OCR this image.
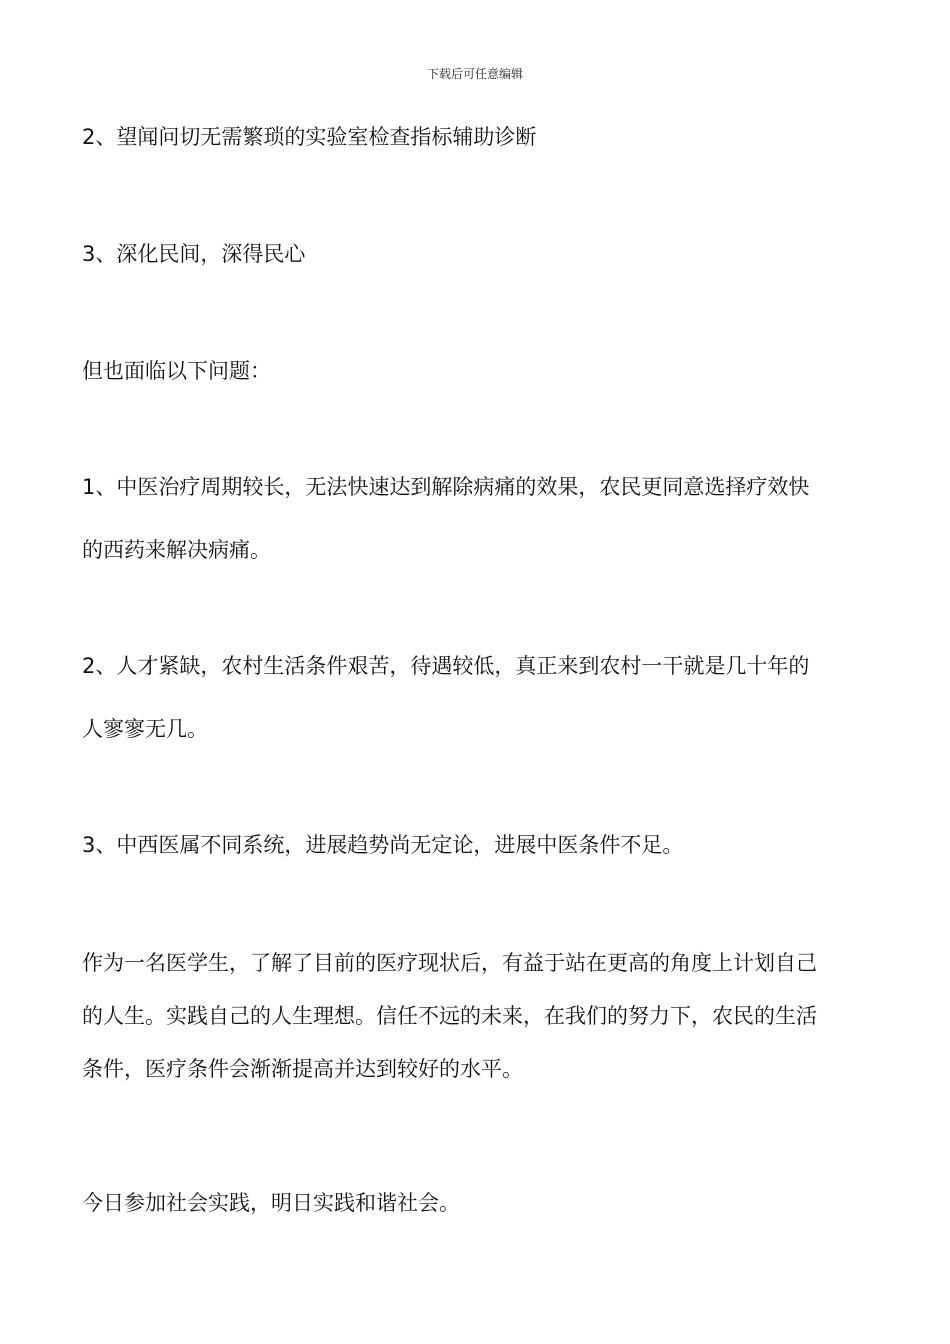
下载后可任意编辑
2、望闻问切无需繁琐的实验室检查指标辅助诊断
3、深化民间，深得民心
但也面临以下问题：
1、中医治疗周期较长，无法快速达到解除病痛的效果，农民更同意选择疗效快
的西药来解决病痛。
2、人才紧缺，农村生活条件艰苦，待遇较低，真正来到农村一干就是几十年的
人寥寥无几。
3、中西医属不同系统，进展趋势尚无定论，进展中医条件不足。
作为一名医学生，了解了目前的医疗现状后，有益于站在更高的角度上计划自己
的人生。实践自己的人生理想。信任不远的未来，在我们的努力下，农民的生活
条件，医疗条件会渐渐提高并达到较好的水平。
今日参加社会实践，明日实践和谐社会。
